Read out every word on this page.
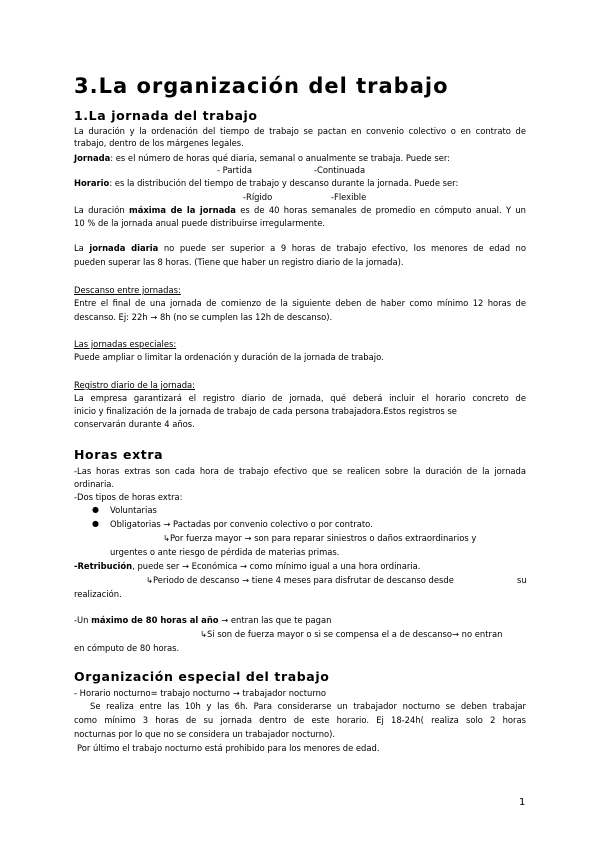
3.La organización del trabajo
1.La jornada del trabajo
La duración y la ordenación del tiempo de trabajo se pactan en convenio colectivo o en contrato de
trabajo, dentro de los márgenes legales.
Jornada: es el número de horas qué diaria, semanal o anualmente se trabaja. Puede ser:
- Partida	-Continuada
Horario: es la distribución del tiempo de trabajo y descanso durante la jornada. Puede ser:
-Rígido	-Flexible
La duración máxima de la jornada es de 40 horas semanales de promedio en cómputo anual. Y un
10 % de la jornada anual puede distribuirse irregularmente.
La jornada diaria no puede ser superior a 9 horas de trabajo efectivo, los menores de edad no
pueden superar las 8 horas. (Tiene que haber un registro diario de la jornada).
Descanso entre jornadas:
Entre el final de una jornada de comienzo de la siguiente deben de haber como mínimo 12 horas de
descanso. Ej: 22h → 8h (no se cumplen las 12h de descanso).
Las jornadas especiales:
Puede ampliar o limitar la ordenación y duración de la jornada de trabajo.
Registro diario de la jornada:
La empresa garantizará el registro diario de jornada, qué deberá incluir el horario concreto de
inicio y finalización de la jornada de trabajo de cada persona trabajadora.Estos registros se
conservarán durante 4 años.
Horas extra
-Las horas extras son cada hora de trabajo efectivo que se realicen sobre la duración de la jornada
ordinaria.
-Dos tipos de horas extra:
● Voluntarias
● Obligatorias → Pactadas por convenio colectivo o por contrato.
↳Por fuerza mayor → son para reparar siniestros o daños extraordinarios y
urgentes o ante riesgo de pérdida de materias primas.
-Retribución, puede ser → Económica → como mínimo igual a una hora ordinaria.
↳Periodo de descanso → tiene 4 meses para disfrutar de descanso desde	su
realización.
-Un máximo de 80 horas al año → entran las que te pagan
↳Si son de fuerza mayor o si se compensa el a de descanso→ no entran
en cómputo de 80 horas.
Organización especial del trabajo
- Horario nocturno= trabajo nocturno → trabajador nocturno
Se realiza entre las 10h y las 6h. Para considerarse un trabajador nocturno se deben trabajar
como mínimo 3 horas de su jornada dentro de este horario. Ej 18-24h( realiza solo 2 horas
nocturnas por lo que no se considera un trabajador nocturno).
Por último el trabajo nocturno está prohibido para los menores de edad.
1
